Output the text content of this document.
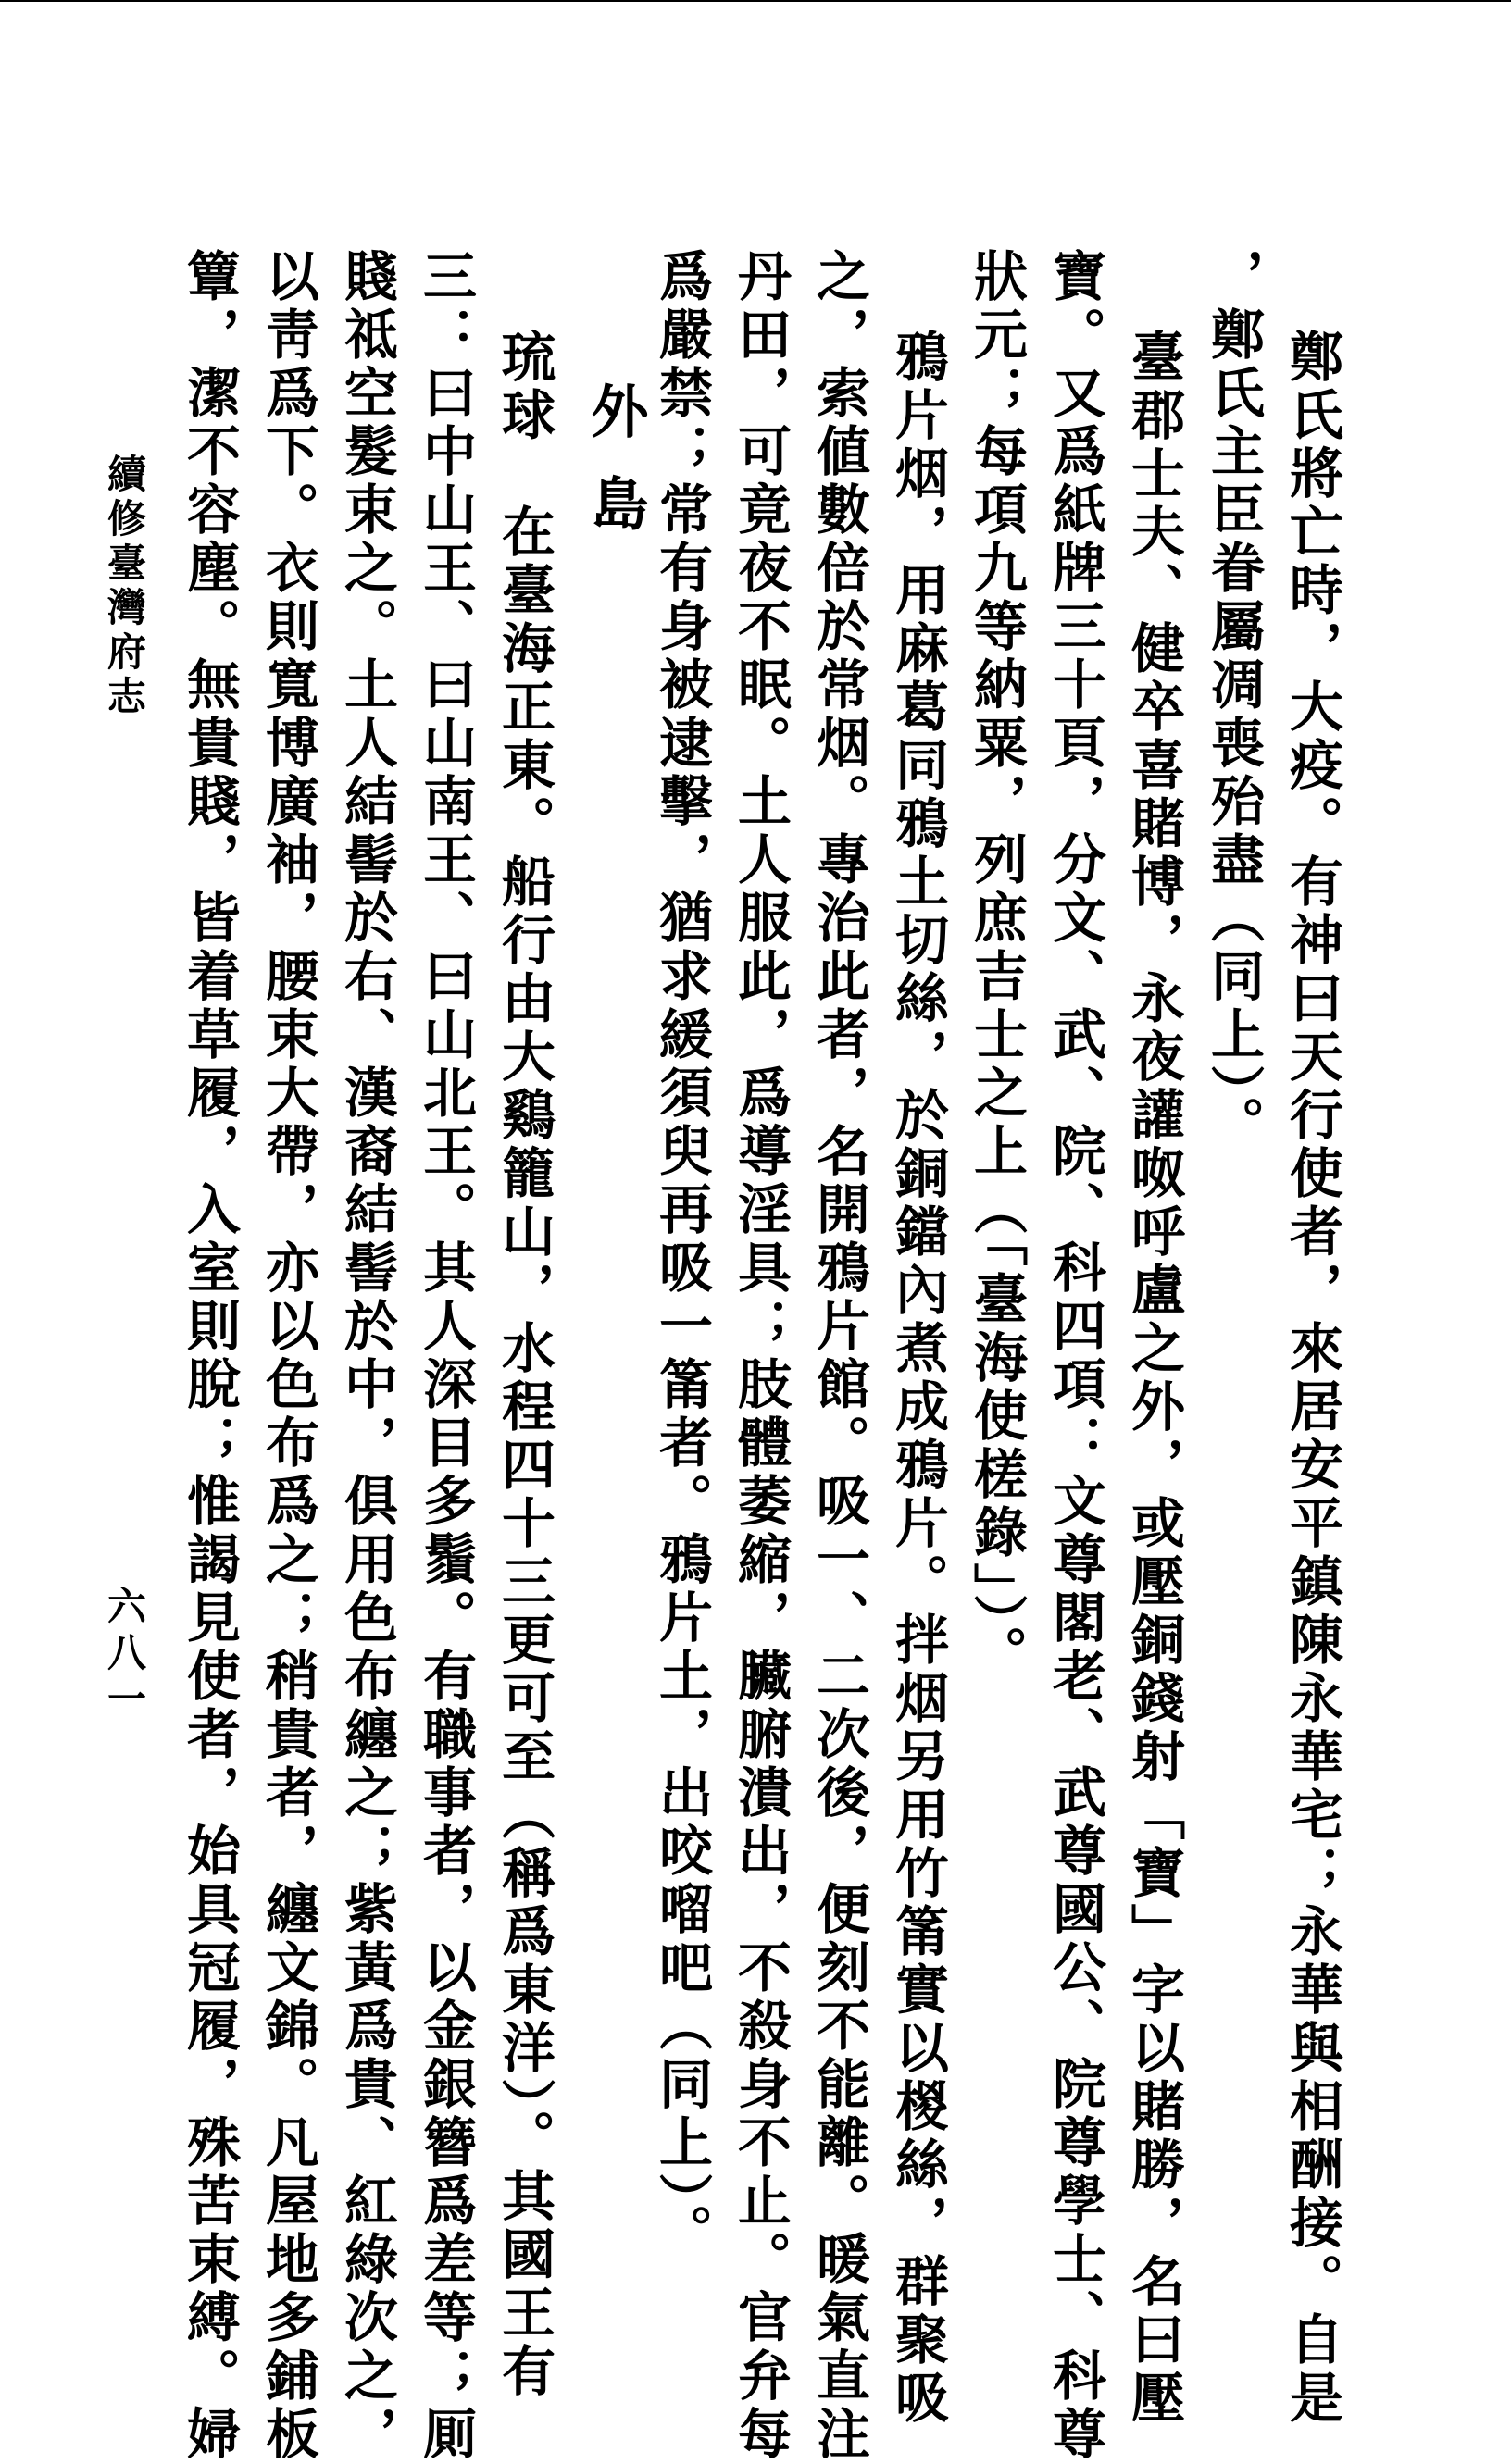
鄭氏將亡時，大疫。有神曰天行使者，來居安平鎮陳永華宅；永華與相酬接。自是
，鄭氏主臣眷屬凋喪殆盡（同上）。
臺郡士夫、健卒喜賭博，永夜讙呶呼盧之外，或壓銅錢射「寶」字以賭勝，名曰壓
寶。又爲紙牌三十頁，分文、武、院、科四項：文尊閣老、武尊國公、院尊學士、科尊
狀元；每項九等納粟，列庶吉士之上（「臺海使槎錄」）。
鴉片烟，用麻葛同鴉土切絲，於銅鐺內煮成鴉片。拌烟另用竹筩實以椶絲，群聚吸
之，索値數倍於常烟。專治此者，名開鴉片館。吸一、二次後，便刻不能離。暖氣直注
丹田，可竟夜不眠。土人服此，爲導淫具；肢體萎縮，臟腑潰出，不殺身不止。官弁每
爲嚴禁；常有身被逮擊，猶求緩須臾再吸一筩者。鴉片土，出咬𠺕吧（同上）。
外島
琉球　在臺海正東。船行由大鷄籠山，水程四十三更可至（稱爲東洋）。其國王有
三：曰中山王、曰山南王、曰山北王。其人深目多鬚。有職事者，以金銀簪爲差等；厠
賤祗空髮束之。土人結髻於右、漢裔結髻於中，俱用色布纏之；紫黃爲貴、紅綠次之，
以靑爲下。衣則寬博廣袖，腰束大帶，亦以色布爲之；稍貴者，纏文錦。凡屋地多鋪板
簟，潔不容塵。無貴賤，皆着草履，入室則脫；惟謁見使者，始具冠履，殊苦束縛。婦
續修臺灣府志
六八一
